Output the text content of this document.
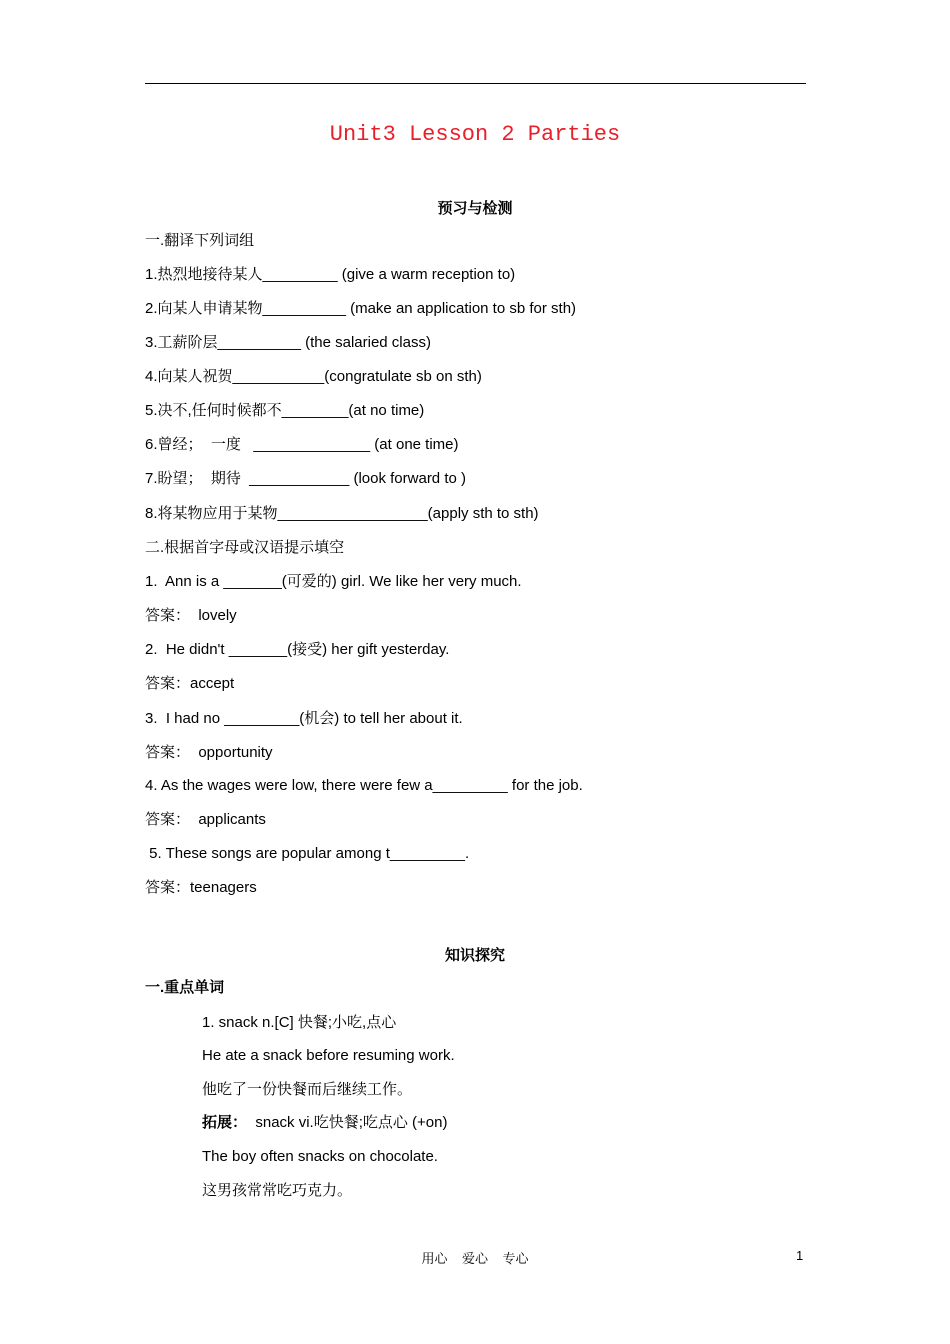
Unit3 Lesson 2 Parties
预习与检测
一.翻译下列词组
1.热烈地接待某人_________ (give a warm reception to)
2.向某人申请某物__________ (make an application to sb for sth)
3.工薪阶层__________ (the salaried class)
4.向某人祝贺___________(congratulate sb on sth)
5.决不,任何时候都不________(at no time)
6.曾经；  一度   ______________ (at one time)
7.盼望；  期待  ____________ (look forward to )
8.将某物应用于某物__________________(apply sth to sth)
二.根据首字母或汉语提示填空
1.  Ann is a _______(可爱的) girl. We like her very much.
答案：  lovely
2.  He didn't _______(接受) her gift yesterday.
答案：accept
3.  I had no _________(机会) to tell her about it.
答案：  opportunity
4. As the wages were low, there were few a_________ for the job.
答案：  applicants
5. These songs are popular among t_________.
答案：teenagers
知识探究
一.重点单词
1. snack n.[C] 快餐;小吃,点心
He ate a snack before resuming work.
他吃了一份快餐而后继续工作。
拓展：  snack vi.吃快餐;吃点心 (+on)
The boy often snacks on chocolate.
这男孩常常吃巧克力。
用心    爱心    专心	1
